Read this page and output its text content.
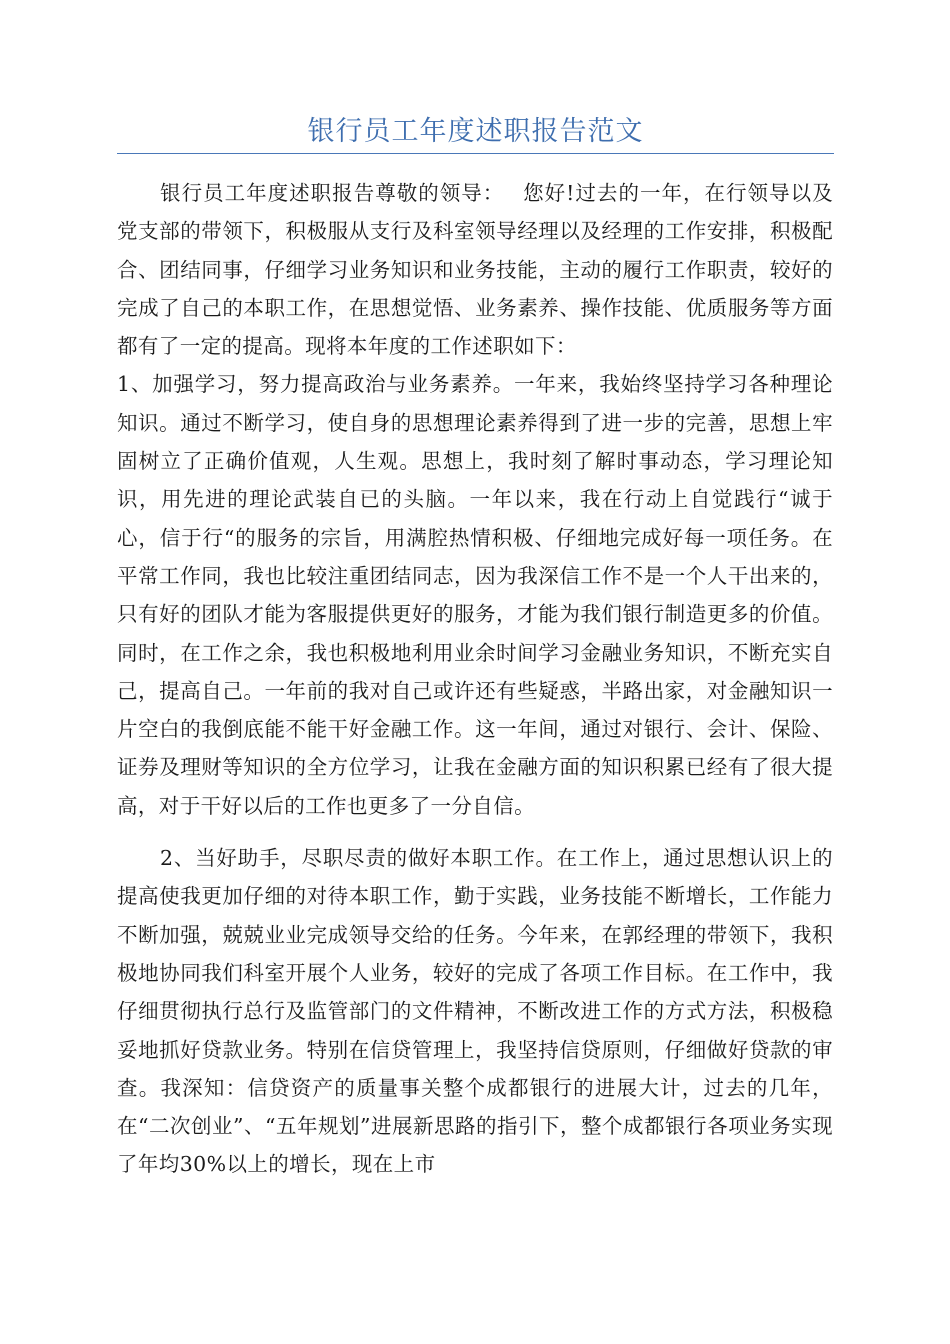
银行员工年度述职报告范文

银行员工年度述职报告尊敬的领导：　 您好!过去的一年，在行领导以及党支部的带领下，积极服从支行及科室领导经理以及经理的工作安排，积极配合、团结同事，仔细学习业务知识和业务技能，主动的履行工作职责，较好的完成了自己的本职工作，在思想觉悟、业务素养、操作技能、优质服务等方面都有了一定的提高。现将本年度的工作述职如下：

1、加强学习，努力提高政治与业务素养。一年来，我始终坚持学习各种理论知识。通过不断学习，使自身的思想理论素养得到了进一步的完善，思想上牢固树立了正确价值观，人生观。思想上，我时刻了解时事动态，学习理论知识，用先进的理论武装自已的头脑。一年以来，我在行动上自觉践行“诚于心，信于行“的服务的宗旨，用满腔热情积极、仔细地完成好每一项任务。在平常工作同，我也比较注重团结同志，因为我深信工作不是一个人干出来的，只有好的团队才能为客服提供更好的服务，才能为我们银行制造更多的价值。同时，在工作之余，我也积极地利用业余时间学习金融业务知识，不断充实自己，提高自己。一年前的我对自己或许还有些疑惑，半路出家，对金融知识一片空白的我倒底能不能干好金融工作。这一年间，通过对银行、会计、保险、证券及理财等知识的全方位学习，让我在金融方面的知识积累已经有了很大提高，对于干好以后的工作也更多了一分自信。

2、当好助手，尽职尽责的做好本职工作。在工作上，通过思想认识上的提高使我更加仔细的对待本职工作，勤于实践，业务技能不断增长，工作能力不断加强，兢兢业业完成领导交给的任务。今年来，在郭经理的带领下，我积极地协同我们科室开展个人业务，较好的完成了各项工作目标。在工作中，我仔细贯彻执行总行及监管部门的文件精神，不断改进工作的方式方法，积极稳妥地抓好贷款业务。特别在信贷管理上，我坚持信贷原则，仔细做好贷款的审查。我深知：信贷资产的质量事关整个成都银行的进展大计，过去的几年，在“二次创业”、“五年规划”进展新思路的指引下，整个成都银行各项业务实现了年均30%以上的增长，现在上市
